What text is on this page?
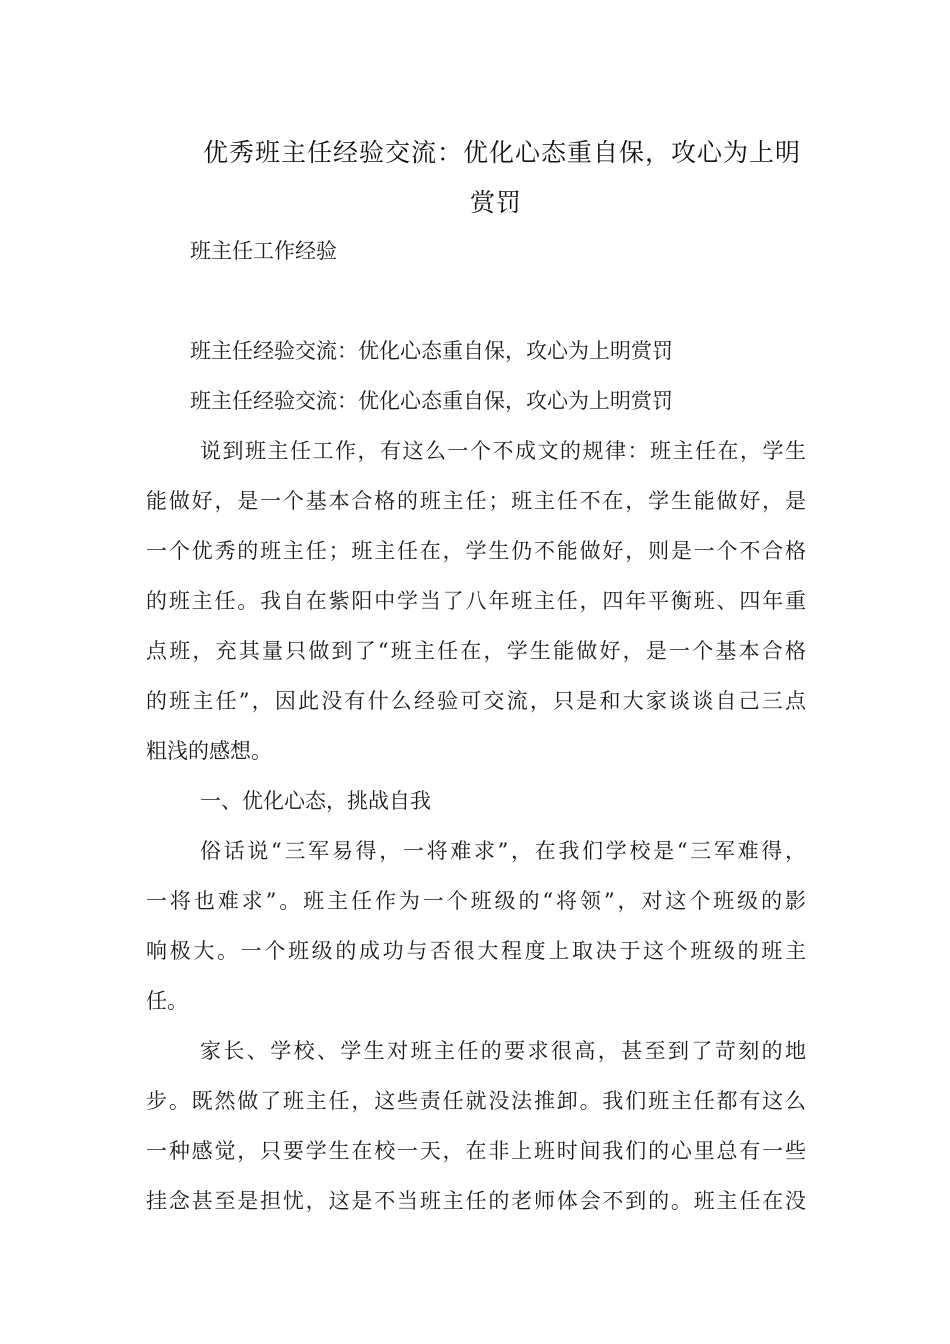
优秀班主任经验交流：优化心态重自保，攻心为上明
赏罚
班主任工作经验
班主任经验交流：优化心态重自保，攻心为上明赏罚
班主任经验交流：优化心态重自保，攻心为上明赏罚
说到班主任工作，有这么一个不成文的规律：班主任在，学生
能做好，是一个基本合格的班主任；班主任不在，学生能做好，是
一个优秀的班主任；班主任在，学生仍不能做好，则是一个不合格
的班主任。我自在紫阳中学当了八年班主任，四年平衡班、四年重
点班，充其量只做到了“班主任在，学生能做好，是一个基本合格
的班主任”，因此没有什么经验可交流，只是和大家谈谈自己三点
粗浅的感想。
一、优化心态，挑战自我
俗话说“三军易得，一将难求”，在我们学校是“三军难得，
一将也难求”。班主任作为一个班级的“将领”，对这个班级的影
响极大。一个班级的成功与否很大程度上取决于这个班级的班主
任。
家长、学校、学生对班主任的要求很高，甚至到了苛刻的地
步。既然做了班主任，这些责任就没法推卸。我们班主任都有这么
一种感觉，只要学生在校一天，在非上班时间我们的心里总有一些
挂念甚至是担忧，这是不当班主任的老师体会不到的。班主任在没
